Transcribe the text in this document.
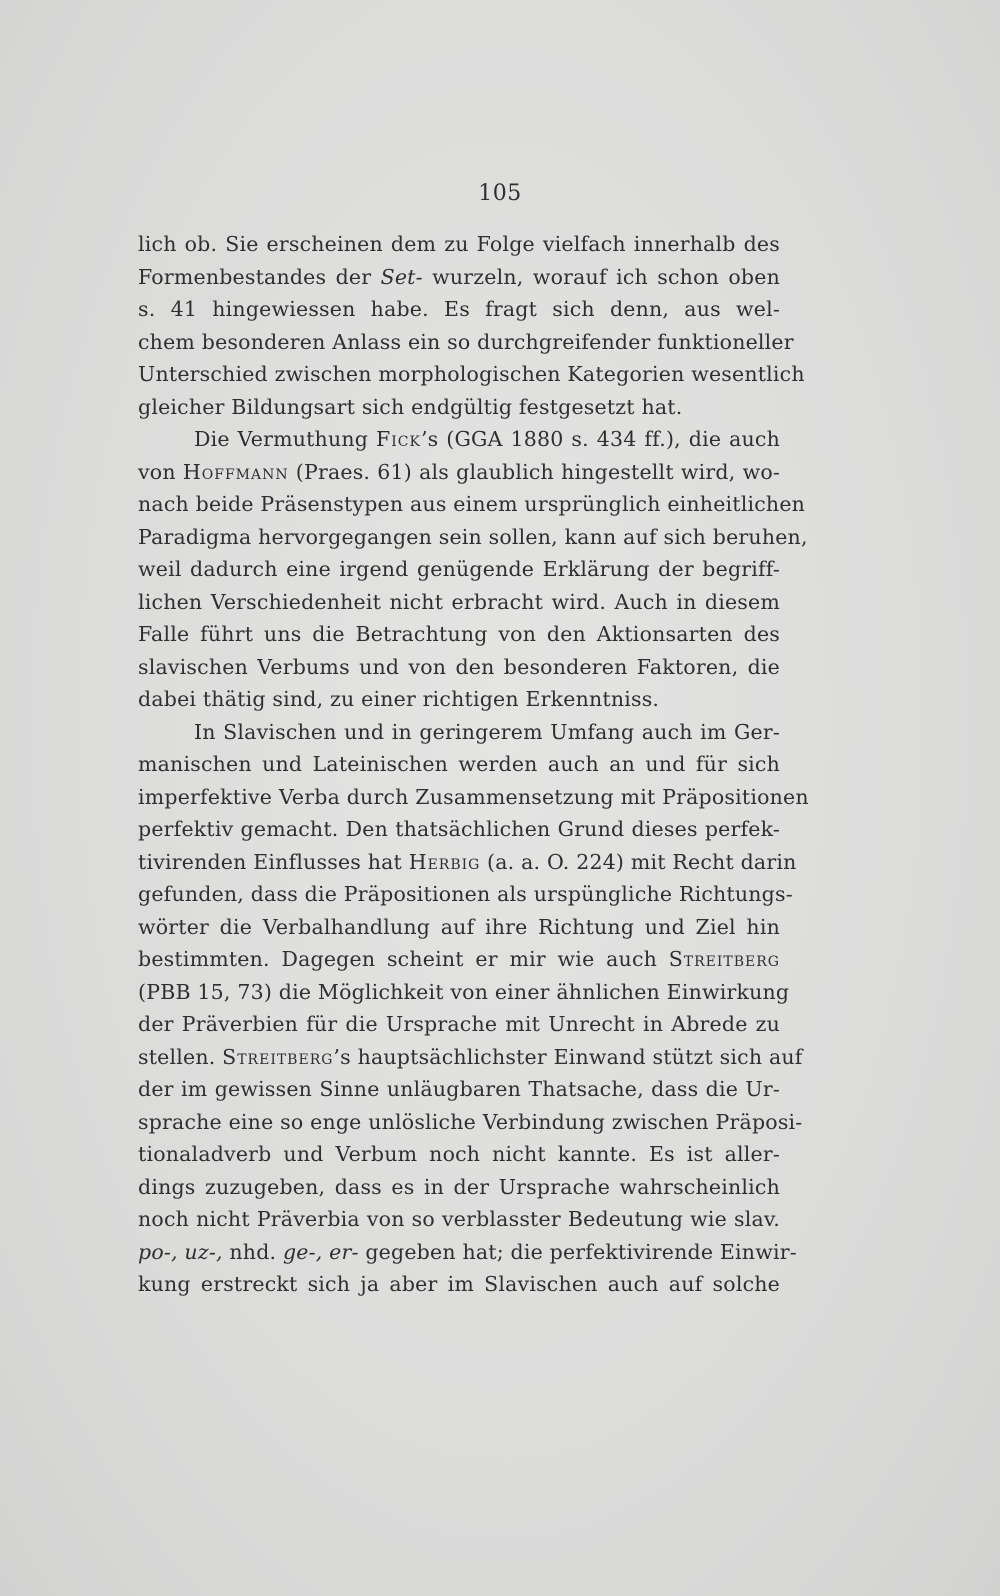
105
lich ob. Sie erscheinen dem zu Folge vielfach innerhalb des
Formenbestandes der Set- wurzeln, worauf ich schon oben
s. 41 hingewiessen habe. Es fragt sich denn, aus wel-
chem besonderen Anlass ein so durchgreifender funktioneller
Unterschied zwischen morphologischen Kategorien wesentlich
gleicher Bildungsart sich endgültig festgesetzt hat.
Die Vermuthung Fick’s (GGA 1880 s. 434 ff.), die auch
von Hoffmann (Praes. 61) als glaublich hingestellt wird, wo-
nach beide Präsenstypen aus einem ursprünglich einheitlichen
Paradigma hervorgegangen sein sollen, kann auf sich beruhen,
weil dadurch eine irgend genügende Erklärung der begriff-
lichen Verschiedenheit nicht erbracht wird. Auch in diesem
Falle führt uns die Betrachtung von den Aktionsarten des
slavischen Verbums und von den besonderen Faktoren, die
dabei thätig sind, zu einer richtigen Erkenntniss.
In Slavischen und in geringerem Umfang auch im Ger-
manischen und Lateinischen werden auch an und für sich
imperfektive Verba durch Zusammensetzung mit Präpositionen
perfektiv gemacht. Den thatsächlichen Grund dieses perfek-
tivirenden Einflusses hat Herbig (a. a. O. 224) mit Recht darin
gefunden, dass die Präpositionen als urspüngliche Richtungs-
wörter die Verbalhandlung auf ihre Richtung und Ziel hin
bestimmten. Dagegen scheint er mir wie auch Streitberg
(PBB 15, 73) die Möglichkeit von einer ähnlichen Einwirkung
der Präverbien für die Ursprache mit Unrecht in Abrede zu
stellen. Streitberg’s hauptsächlichster Einwand stützt sich auf
der im gewissen Sinne unläugbaren Thatsache, dass die Ur-
sprache eine so enge unlösliche Verbindung zwischen Präposi-
tionaladverb und Verbum noch nicht kannte. Es ist aller-
dings zuzugeben, dass es in der Ursprache wahrscheinlich
noch nicht Präverbia von so verblasster Bedeutung wie slav.
po-, uz-, nhd. ge-, er- gegeben hat; die perfektivirende Einwir-
kung erstreckt sich ja aber im Slavischen auch auf solche
